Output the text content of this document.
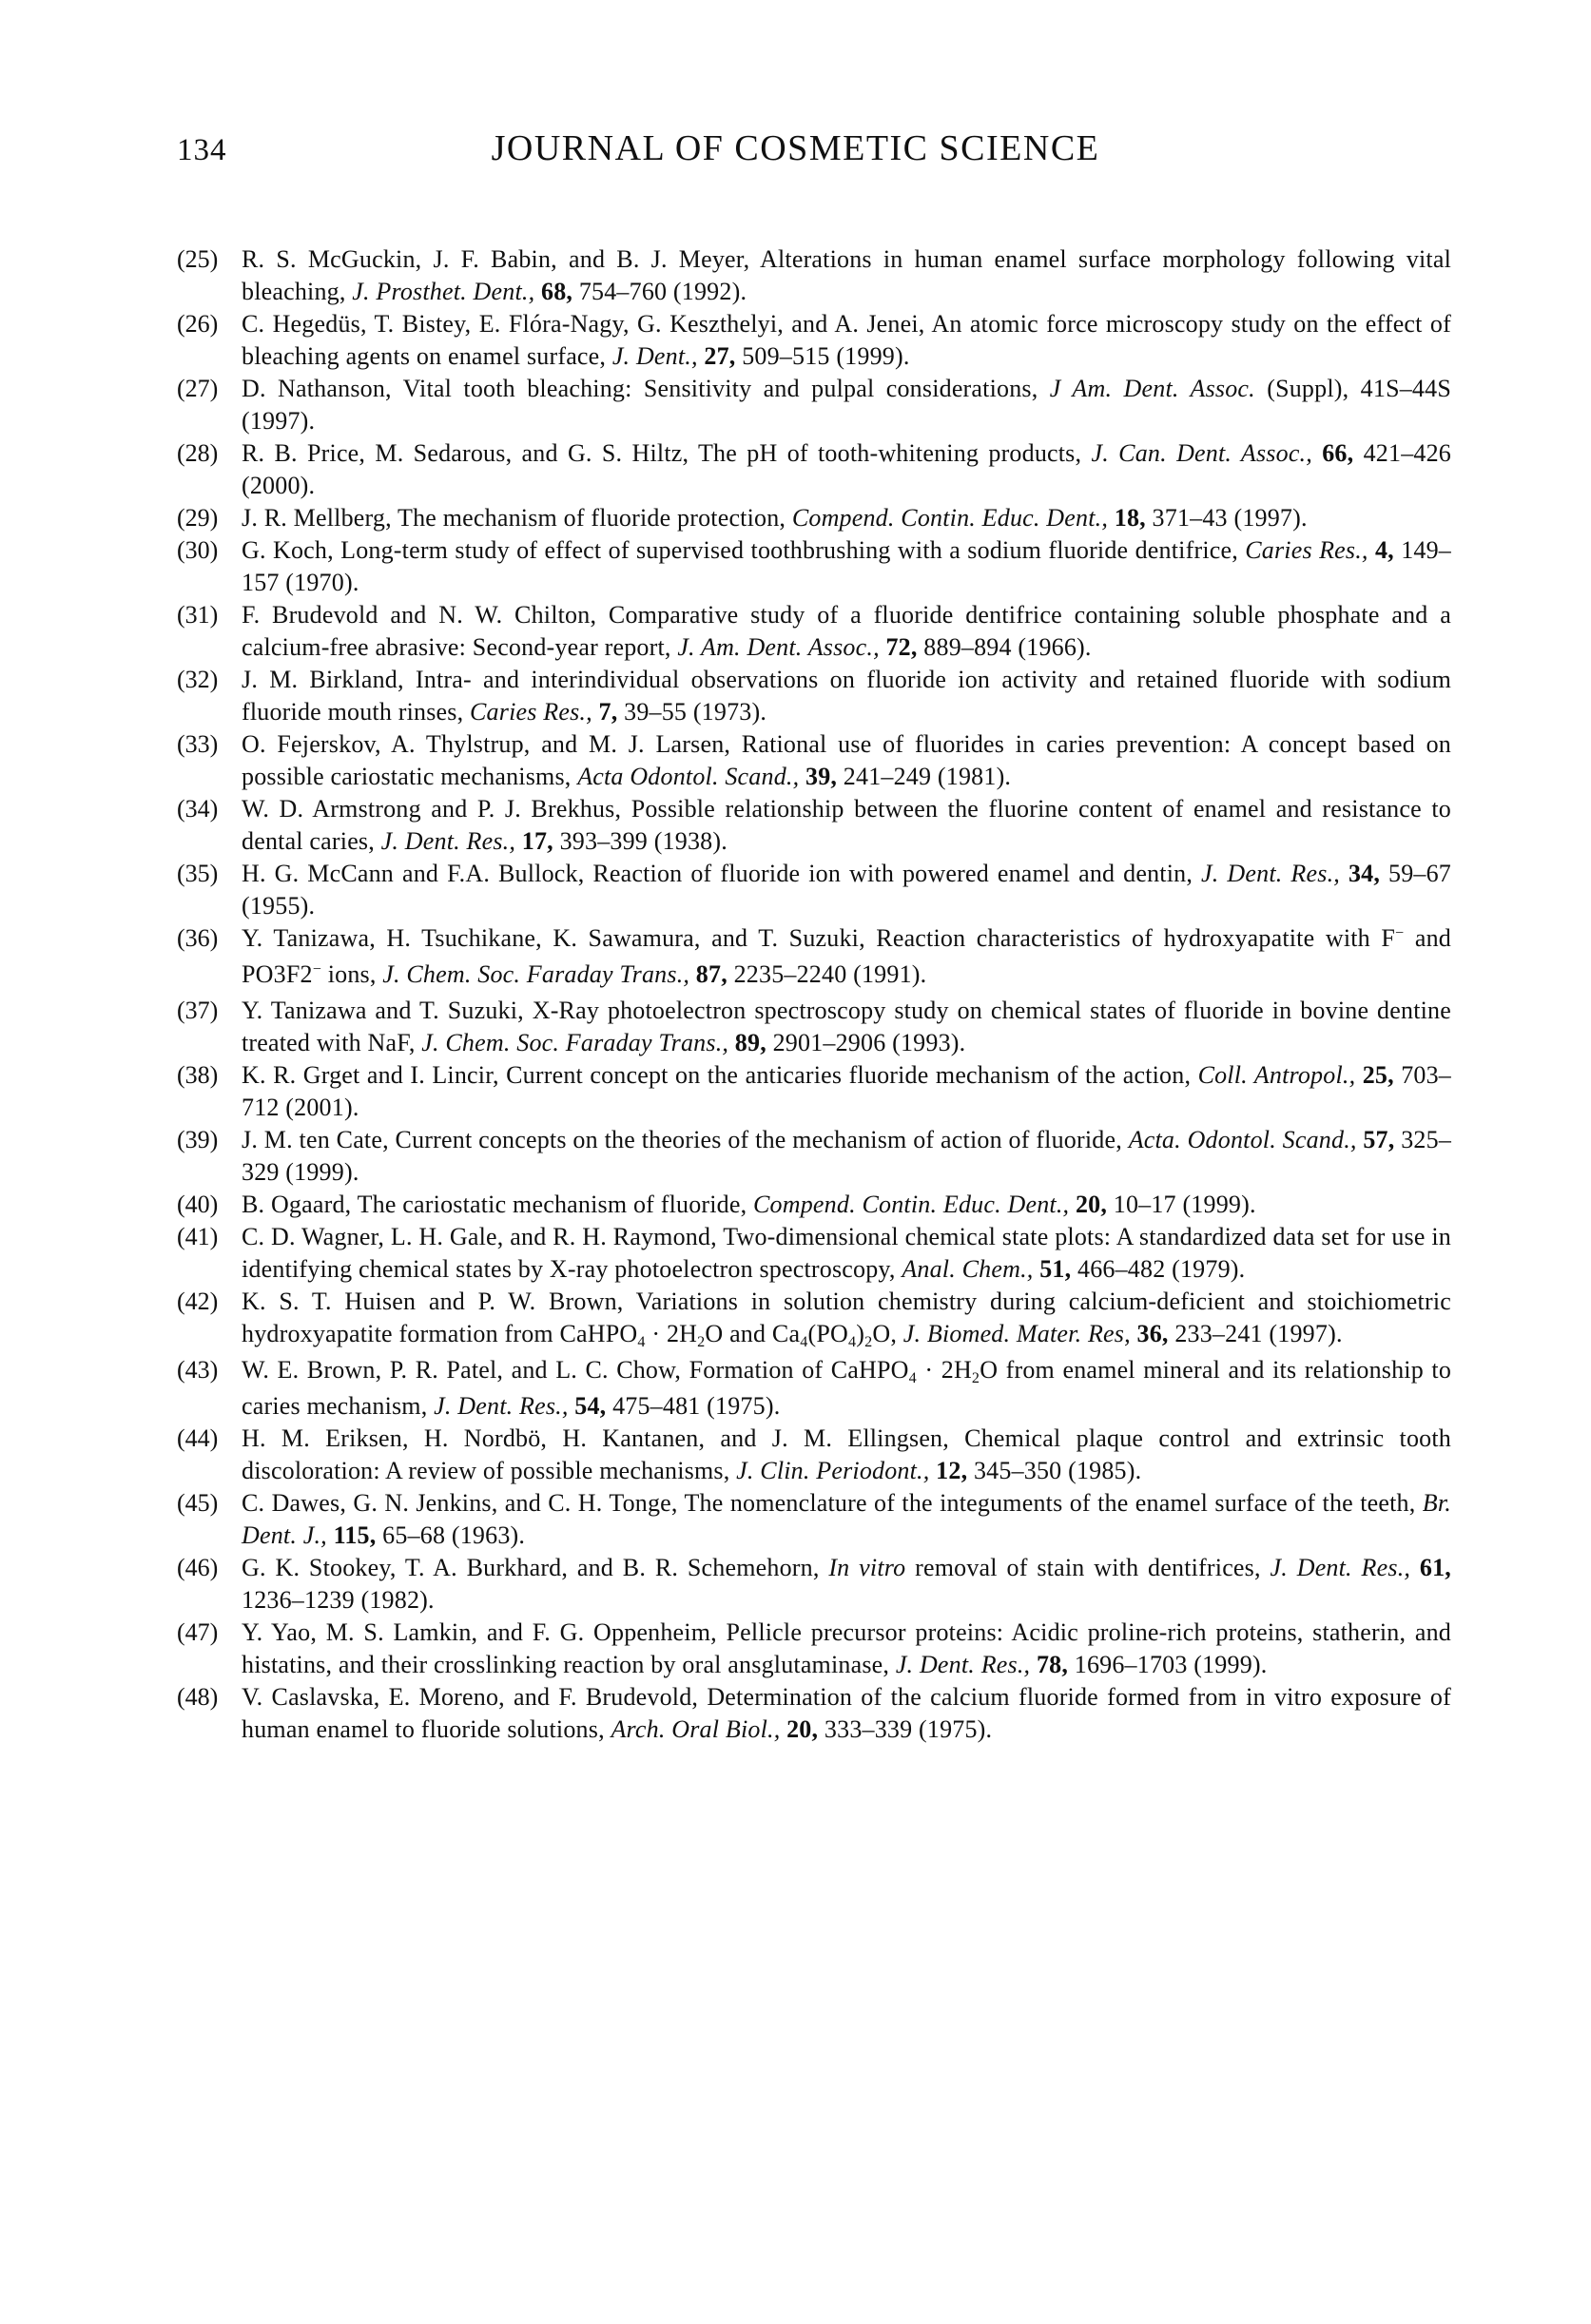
134	JOURNAL OF COSMETIC SCIENCE
(25) R. S. McGuckin, J. F. Babin, and B. J. Meyer, Alterations in human enamel surface morphology following vital bleaching, J. Prosthet. Dent., 68, 754–760 (1992).
(26) C. Hegedüs, T. Bistey, E. Flóra-Nagy, G. Keszthelyi, and A. Jenei, An atomic force microscopy study on the effect of bleaching agents on enamel surface, J. Dent., 27, 509–515 (1999).
(27) D. Nathanson, Vital tooth bleaching: Sensitivity and pulpal considerations, J Am. Dent. Assoc. (Suppl), 41S–44S (1997).
(28) R. B. Price, M. Sedarous, and G. S. Hiltz, The pH of tooth-whitening products, J. Can. Dent. Assoc., 66, 421–426 (2000).
(29) J. R. Mellberg, The mechanism of fluoride protection, Compend. Contin. Educ. Dent., 18, 371–43 (1997).
(30) G. Koch, Long-term study of effect of supervised toothbrushing with a sodium fluoride dentifrice, Caries Res., 4, 149–157 (1970).
(31) F. Brudevold and N. W. Chilton, Comparative study of a fluoride dentifrice containing soluble phosphate and a calcium-free abrasive: Second-year report, J. Am. Dent. Assoc., 72, 889–894 (1966).
(32) J. M. Birkland, Intra- and interindividual observations on fluoride ion activity and retained fluoride with sodium fluoride mouth rinses, Caries Res., 7, 39–55 (1973).
(33) O. Fejerskov, A. Thylstrup, and M. J. Larsen, Rational use of fluorides in caries prevention: A concept based on possible cariostatic mechanisms, Acta Odontol. Scand., 39, 241–249 (1981).
(34) W. D. Armstrong and P. J. Brekhus, Possible relationship between the fluorine content of enamel and resistance to dental caries, J. Dent. Res., 17, 393–399 (1938).
(35) H. G. McCann and F.A. Bullock, Reaction of fluoride ion with powered enamel and dentin, J. Dent. Res., 34, 59–67 (1955).
(36) Y. Tanizawa, H. Tsuchikane, K. Sawamura, and T. Suzuki, Reaction characteristics of hydroxyapatite with F− and PO3F2− ions, J. Chem. Soc. Faraday Trans., 87, 2235–2240 (1991).
(37) Y. Tanizawa and T. Suzuki, X-Ray photoelectron spectroscopy study on chemical states of fluoride in bovine dentine treated with NaF, J. Chem. Soc. Faraday Trans., 89, 2901–2906 (1993).
(38) K. R. Grget and I. Lincir, Current concept on the anticaries fluoride mechanism of the action, Coll. Antropol., 25, 703–712 (2001).
(39) J. M. ten Cate, Current concepts on the theories of the mechanism of action of fluoride, Acta. Odontol. Scand., 57, 325–329 (1999).
(40) B. Ogaard, The cariostatic mechanism of fluoride, Compend. Contin. Educ. Dent., 20, 10–17 (1999).
(41) C. D. Wagner, L. H. Gale, and R. H. Raymond, Two-dimensional chemical state plots: A standardized data set for use in identifying chemical states by X-ray photoelectron spectroscopy, Anal. Chem., 51, 466–482 (1979).
(42) K. S. T. Huisen and P. W. Brown, Variations in solution chemistry during calcium-deficient and stoichiometric hydroxyapatite formation from CaHPO4 · 2H2O and Ca4(PO4)2O, J. Biomed. Mater. Res, 36, 233–241 (1997).
(43) W. E. Brown, P. R. Patel, and L. C. Chow, Formation of CaHPO4 · 2H2O from enamel mineral and its relationship to caries mechanism, J. Dent. Res., 54, 475–481 (1975).
(44) H. M. Eriksen, H. Nordbö, H. Kantanen, and J. M. Ellingsen, Chemical plaque control and extrinsic tooth discoloration: A review of possible mechanisms, J. Clin. Periodont., 12, 345–350 (1985).
(45) C. Dawes, G. N. Jenkins, and C. H. Tonge, The nomenclature of the integuments of the enamel surface of the teeth, Br. Dent. J., 115, 65–68 (1963).
(46) G. K. Stookey, T. A. Burkhard, and B. R. Schemehorn, In vitro removal of stain with dentifrices, J. Dent. Res., 61, 1236–1239 (1982).
(47) Y. Yao, M. S. Lamkin, and F. G. Oppenheim, Pellicle precursor proteins: Acidic proline-rich proteins, statherin, and histatins, and their crosslinking reaction by oral ansglutaminase, J. Dent. Res., 78, 1696–1703 (1999).
(48) V. Caslavska, E. Moreno, and F. Brudevold, Determination of the calcium fluoride formed from in vitro exposure of human enamel to fluoride solutions, Arch. Oral Biol., 20, 333–339 (1975).
